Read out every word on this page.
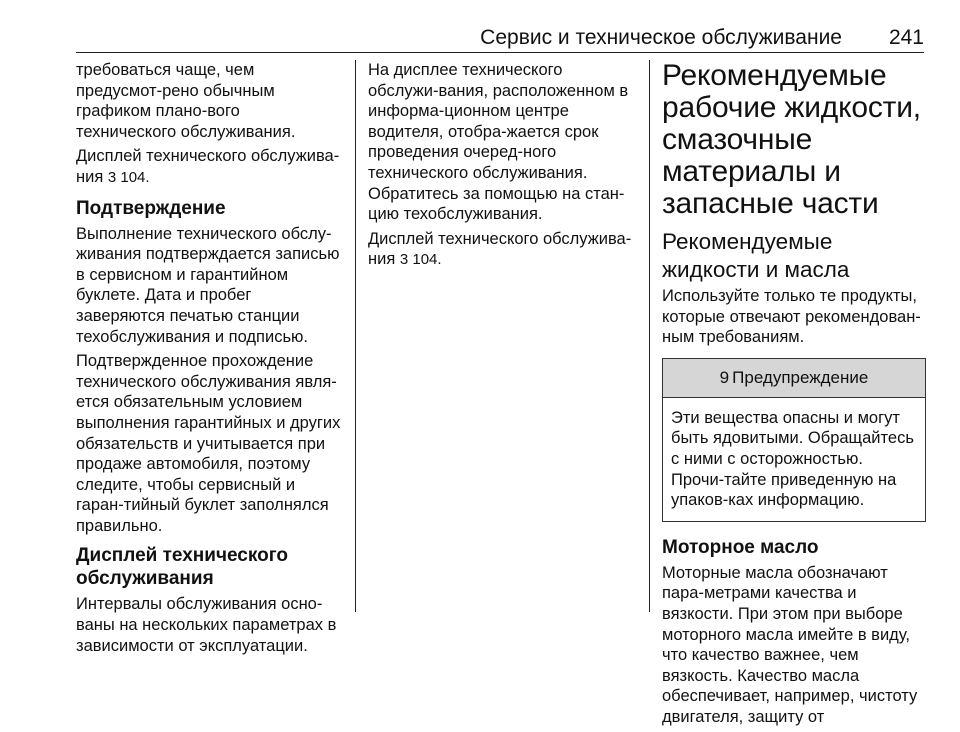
Сервис и техническое обслуживание 241

требоваться чаще, чем предусмот-рено обычным графиком плано-вого технического обслуживания.

Дисплей технического обслужива-ния 3 104.

Подтверждение

Выполнение технического обслу-живания подтверждается записью в сервисном и гарантийном буклете. Дата и пробег заверяются печатью станции техобслуживания и подписью.

Подтвержденное прохождение технического обслуживания явля-ется обязательным условием выполнения гарантийных и других обязательств и учитывается при продаже автомобиля, поэтому следите, чтобы сервисный и гаран-тийный буклет заполнялся правильно.

Дисплей технического обслуживания

Интервалы обслуживания осно-ваны на нескольких параметрах в зависимости от эксплуатации.

На дисплее технического обслужи-вания, расположенном в информа-ционном центре водителя, отобра-жается срок проведения очеред-ного технического обслуживания. Обратитесь за помощью на стан-цию техобслуживания.

Дисплей технического обслужива-ния 3 104.

Рекомендуемые рабочие жидкости, смазочные материалы и запасные части
Рекомендуемые жидкости и масла

Используйте только те продукты, которые отвечают рекомендован-ным требованиям.

9 Предупреждение

Эти вещества опасны и могут быть ядовитыми. Обращайтесь с ними с осторожностью. Прочи-тайте приведенную на упаков-ках информацию.

Моторное масло

Моторные масла обозначают пара-метрами качества и вязкости. При этом при выборе моторного масла имейте в виду, что качество важнее, чем вязкость. Качество масла обеспечивает, например, чистоту двигателя, защиту от
